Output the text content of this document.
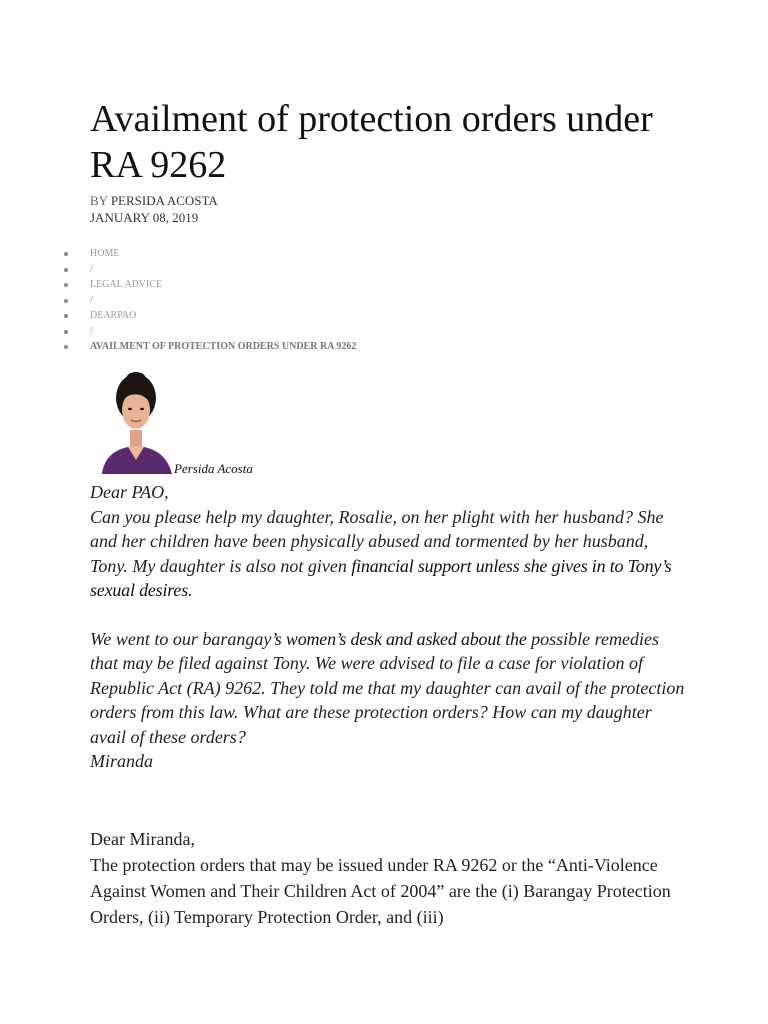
Availment of protection orders under RA 9262
BY PERSIDA ACOSTA
JANUARY 08, 2019
HOME
/
LEGAL ADVICE
/
DEARPAO
/
AVAILMENT OF PROTECTION ORDERS UNDER RA 9262
Persida Acosta

Dear PAO,

Can you please help my daughter, Rosalie, on her plight with her husband? She and her children have been physically abused and tormented by her husband, Tony. My daughter is also not given financial support unless she gives in to Tony’s sexual desires.

We went to our barangay’s women’s desk and asked about the possible remedies that may be filed against Tony. We were advised to file a case for violation of Republic Act (RA) 9262. They told me that my daughter can avail of the protection orders from this law. What are these protection orders? How can my daughter avail of these orders?

Miranda

Dear Miranda,

The protection orders that may be issued under RA 9262 or the “Anti-Violence Against Women and Their Children Act of 2004” are the (i) Barangay Protection Orders, (ii) Temporary Protection Order, and (iii)
